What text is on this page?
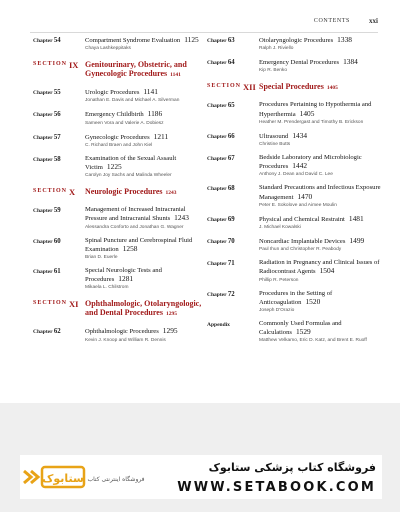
CONTENTS	xxi
Chapter 54	Compartment Syndrome Evaluation 1125
Chaya Lashkeppitaks
SECTION IX Genitourinary, Obstetric, and Gynecologic Procedures 1141
Chapter 55	Urologic Procedures 1141
Jonathan E. Davis and Michael A. Silverman
Chapter 56	Emergency Childbirth 1186
Sameen Vora and Valerie A. Dobiesz
Chapter 57	Gynecologic Procedures 1211
C. Richard Braen and John Kiel
Chapter 58	Examination of the Sexual Assault Victim 1225
Carolyn Joy Sachs and Malinda Wheeler
SECTION X	Neurologic Procedures 1243
Chapter 59	Management of Increased Intracranial Pressure and Intracranial Shunts 1243
Alessandra Conforto and Jonathan G. Wagner
Chapter 60	Spinal Puncture and Cerebrospinal Fluid Examination 1258
Brian D. Euerle
Chapter 61	Special Neurologic Tests and Procedures 1281
Mikaela L. Chilstrom
SECTION XI Ophthalmologic, Otolaryngologic, and Dental Procedures 1295
Chapter 62	Ophthalmologic Procedures 1295
Kevin J. Knoop and William R. Dennis
Chapter 63	Otolaryngologic Procedures 1338
Ralph J. Riviello
Chapter 64	Emergency Dental Procedures 1384
Kip R. Benko
SECTION XII Special Procedures 1405
Chapter 65	Procedures Pertaining to Hypothermia and Hyperthermia 1405
Heather M. Prendergast and Timothy B. Erickson
Chapter 66	Ultrasound 1434
Christine Butts
Chapter 67	Bedside Laboratory and Microbiologic Procedures 1442
Anthony J. Dean and David C. Lee
Chapter 68	Standard Precautions and Infectious Exposure Management 1470
Peter E. Sokolove and Aimee Moulin
Chapter 69	Physical and Chemical Restraint 1481
J. Michael Kowalski
Chapter 70	Noncardiac Implantable Devices 1499
Paul Ihun and Christopher R. Peabody
Chapter 71	Radiation in Pregnancy and Clinical Issues of Radiocontrast Agents 1504
Phillip R. Peterson
Chapter 72	Procedures in the Setting of Anticoagulation 1520
Joseph D'Orazio
Appendix	Commonly Used Formulas and Calculations 1529
Matthew Velkamo, Eric D. Katz, and Brent E. Ruoff
ستابوک فروشگاه اینترنتی کتاب
فروشگاه کتاب پزشکی ستابوک
WWW.SETABOOK.COM
